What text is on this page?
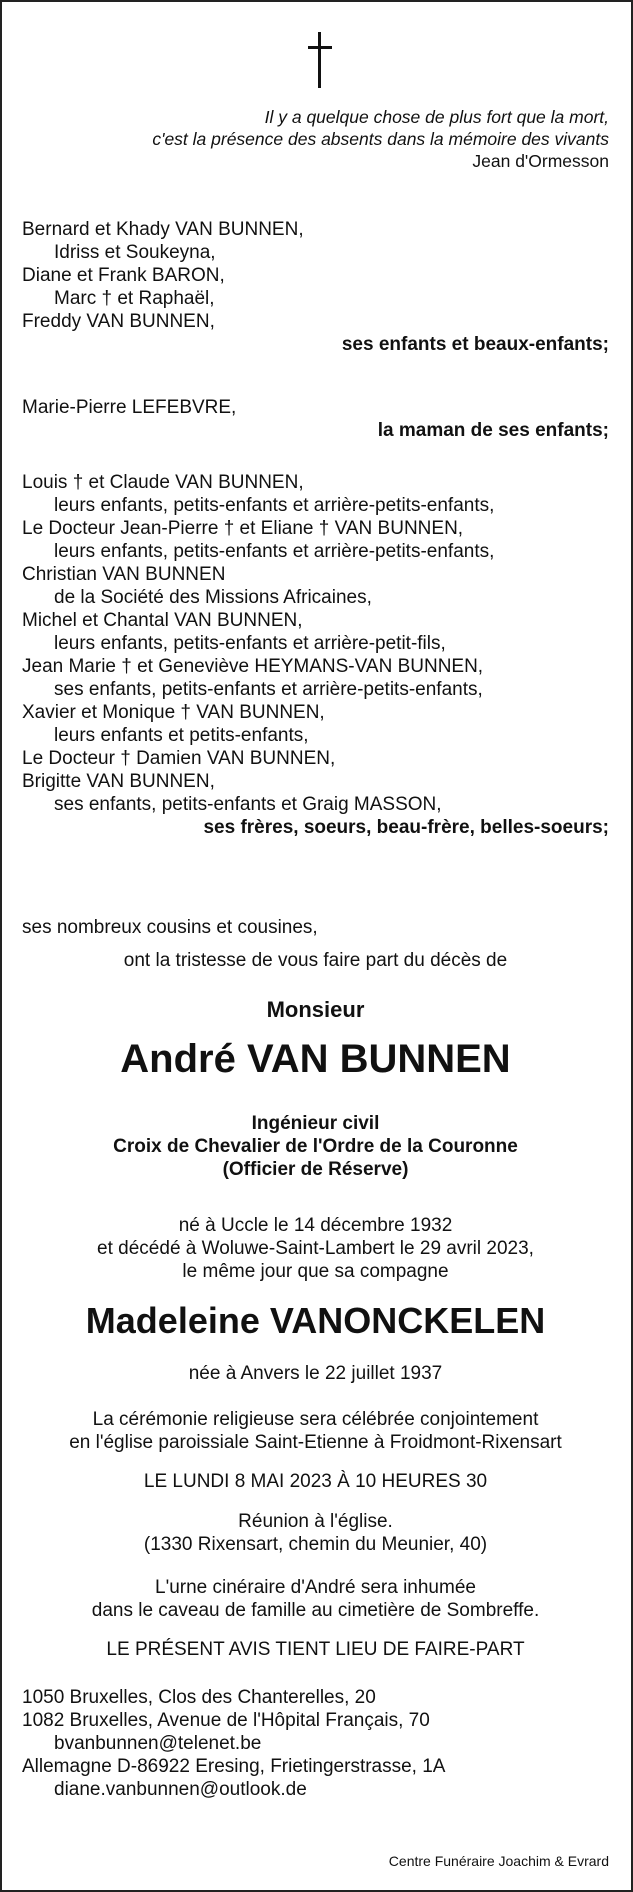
Il y a quelque chose de plus fort que la mort,
c'est la présence des absents dans la mémoire des vivants
Jean d'Ormesson
Bernard et Khady VAN BUNNEN,
Idriss et Soukeyna,
Diane et Frank BARON,
Marc † et Raphaël,
Freddy VAN BUNNEN,
ses enfants et beaux-enfants;
Marie-Pierre LEFEBVRE,
la maman de ses enfants;
Louis † et Claude VAN BUNNEN,
leurs enfants, petits-enfants et arrière-petits-enfants,
Le Docteur Jean-Pierre † et Eliane † VAN BUNNEN,
leurs enfants, petits-enfants et arrière-petits-enfants,
Christian VAN BUNNEN
de la Société des Missions Africaines,
Michel et Chantal VAN BUNNEN,
leurs enfants, petits-enfants et arrière-petit-fils,
Jean Marie † et Geneviève HEYMANS-VAN BUNNEN,
ses enfants, petits-enfants et arrière-petits-enfants,
Xavier et Monique † VAN BUNNEN,
leurs enfants et petits-enfants,
Le Docteur † Damien VAN BUNNEN,
Brigitte VAN BUNNEN,
ses enfants, petits-enfants et Graig MASSON,
ses frères, soeurs, beau-frère, belles-soeurs;
ses nombreux cousins et cousines,
ont la tristesse de vous faire part du décès de
Monsieur
André VAN BUNNEN
Ingénieur civil
Croix de Chevalier de l'Ordre de la Couronne
(Officier de Réserve)
né à Uccle le 14 décembre 1932
et décédé à Woluwe-Saint-Lambert le 29 avril 2023,
le même jour que sa compagne
Madeleine VANONCKELEN
née à Anvers le 22 juillet 1937
La cérémonie religieuse sera célébrée conjointement
en l'église paroissiale Saint-Etienne à Froidmont-Rixensart
LE LUNDI 8 MAI 2023 À 10 HEURES 30
Réunion à l'église.
(1330 Rixensart, chemin du Meunier, 40)
L'urne cinéraire d'André sera inhumée
dans le caveau de famille au cimetière de Sombreffe.
LE PRÉSENT AVIS TIENT LIEU DE FAIRE-PART
1050 Bruxelles, Clos des Chanterelles, 20
1082 Bruxelles, Avenue de l'Hôpital Français, 70
bvanbunnen@telenet.be
Allemagne D-86922 Eresing, Frietingerstrasse, 1A
diane.vanbunnen@outlook.de
Centre Funéraire Joachim & Evrard
